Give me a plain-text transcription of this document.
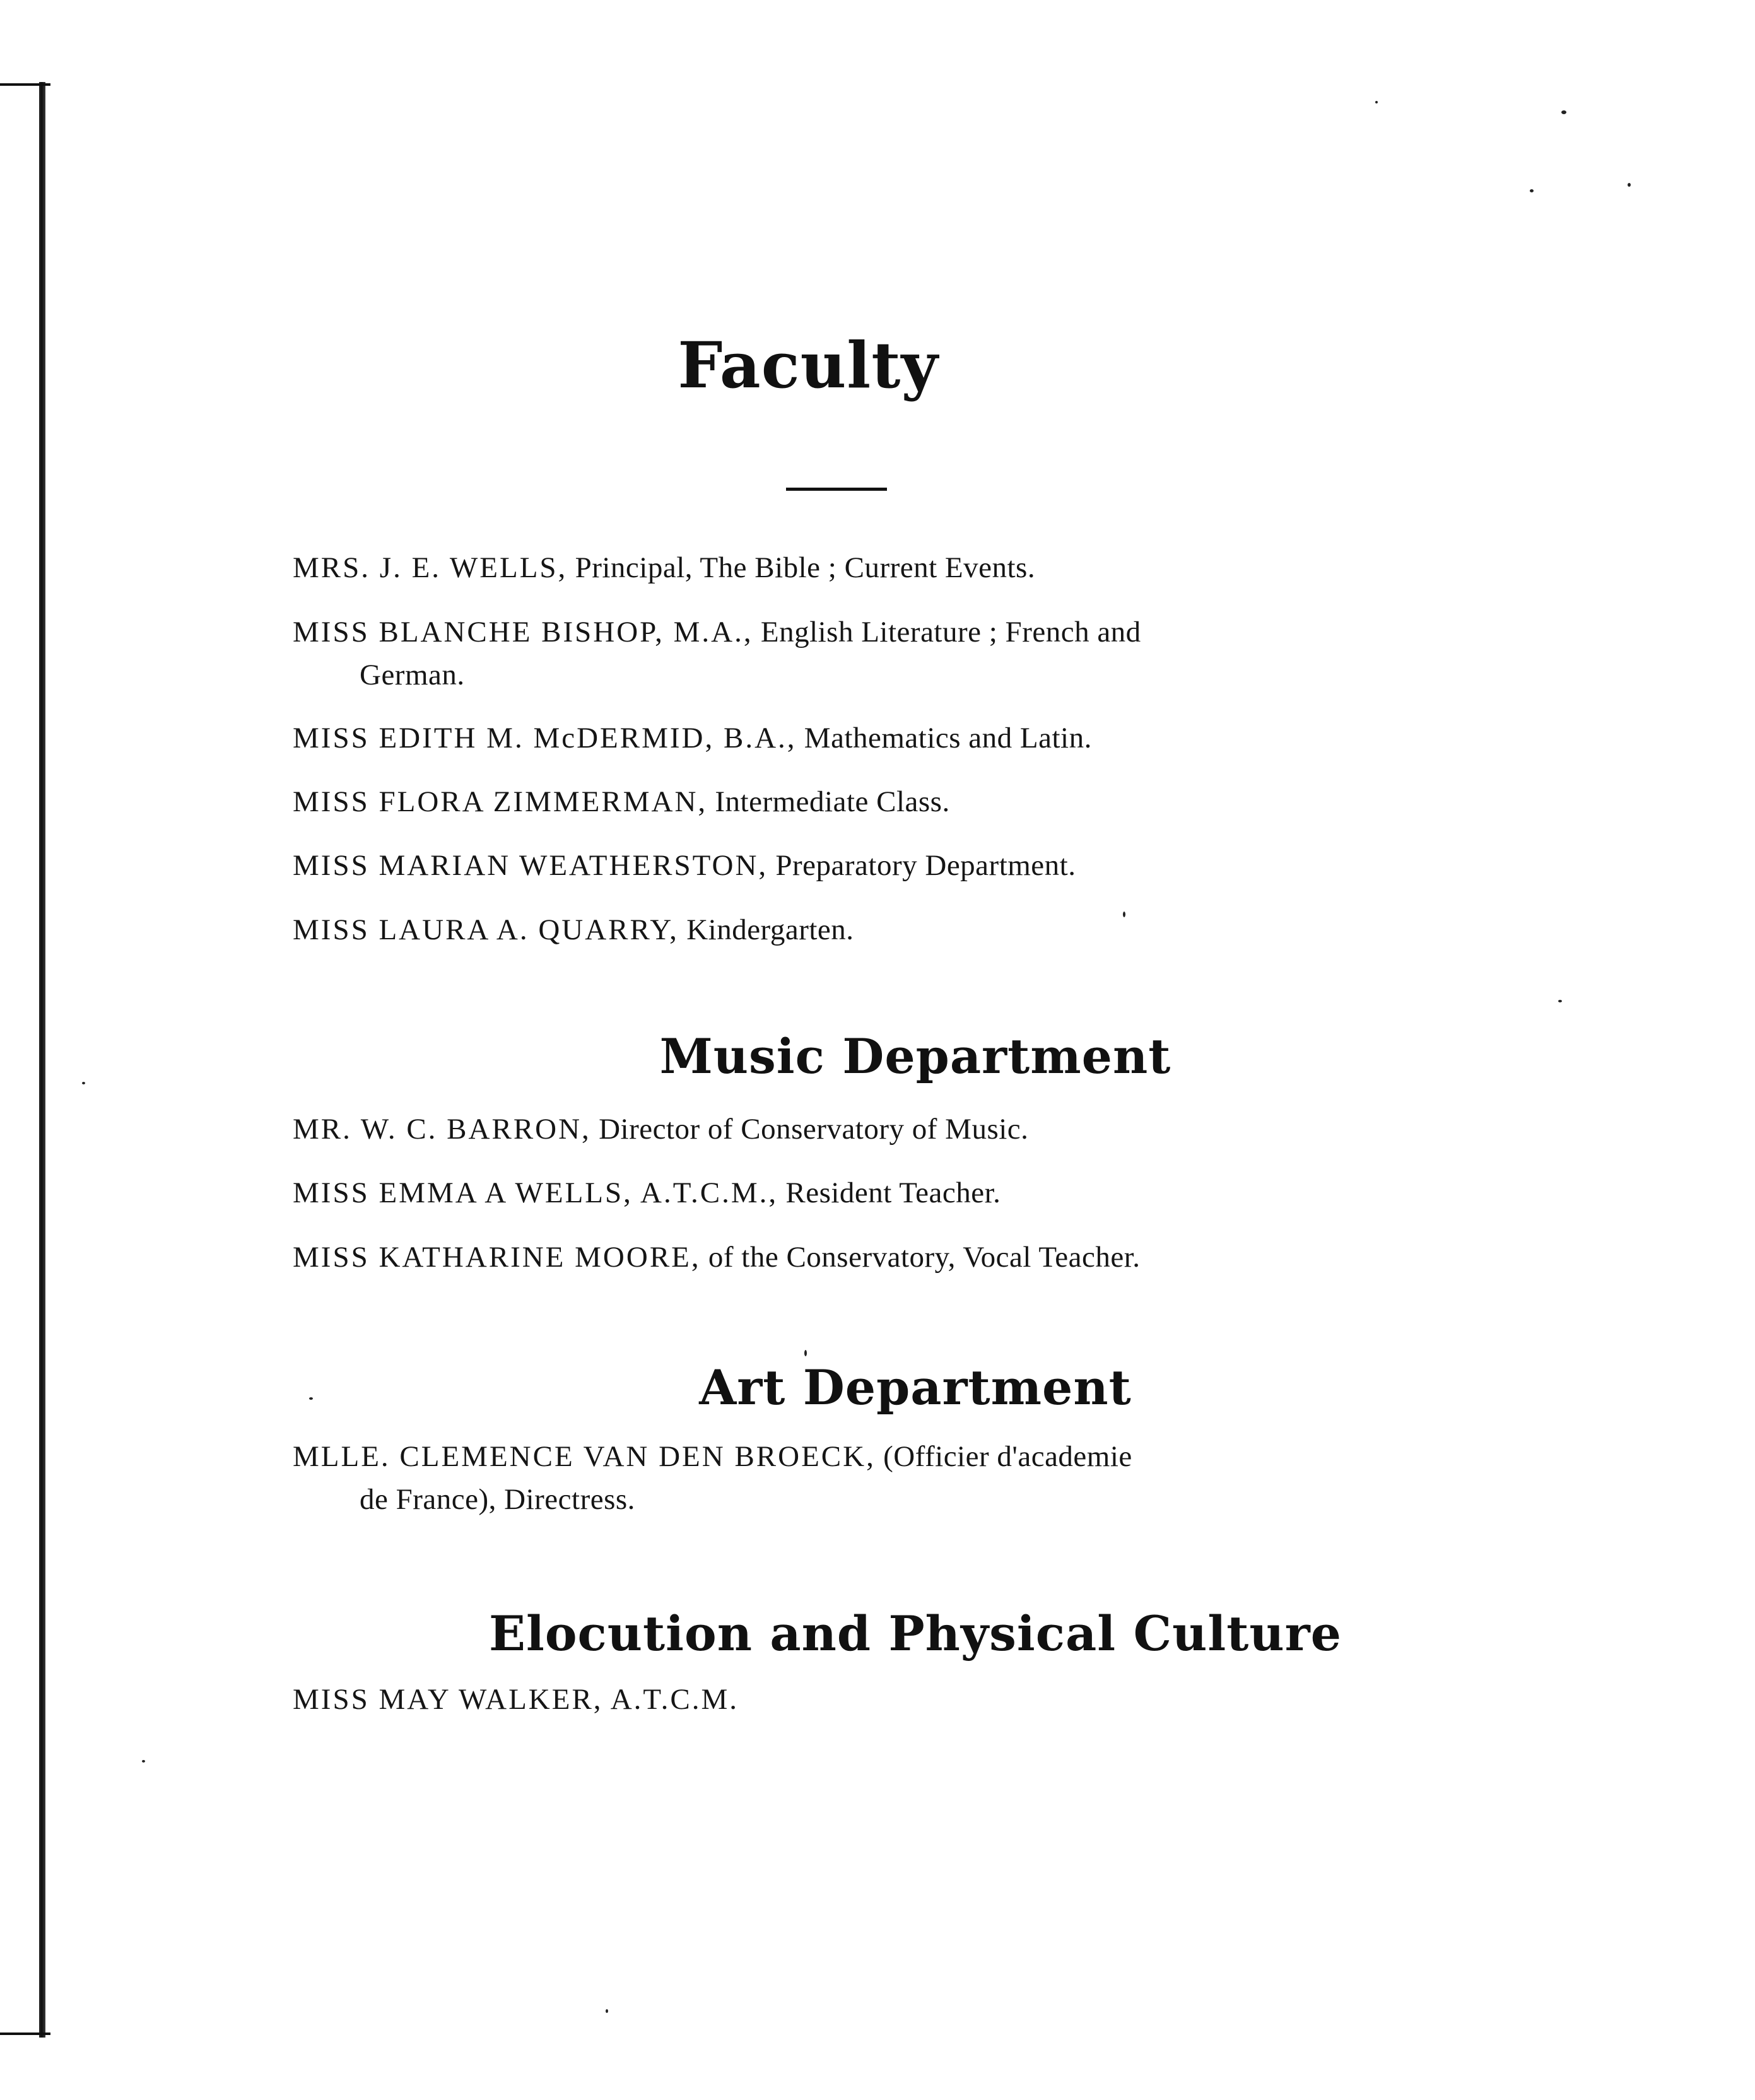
Faculty
MRS. J. E. WELLS, Principal, The Bible ; Current Events.
MISS BLANCHE BISHOP, M.A., English Literature ; French and
German.
MISS EDITH M. McDERMID, B.A., Mathematics and Latin.
MISS FLORA ZIMMERMAN, Intermediate Class.
MISS MARIAN WEATHERSTON, Preparatory Department.
MISS LAURA A. QUARRY, Kindergarten.
Music Department
MR. W. C. BARRON, Director of Conservatory of Music.
MISS EMMA A WELLS, A.T.C.M., Resident Teacher.
MISS KATHARINE MOORE, of the Conservatory, Vocal Teacher.
Art Department
MLLE. CLEMENCE VAN DEN BROECK, (Officier d'academie
de France), Directress.
Elocution and Physical Culture
MISS MAY WALKER, A.T.C.M.
